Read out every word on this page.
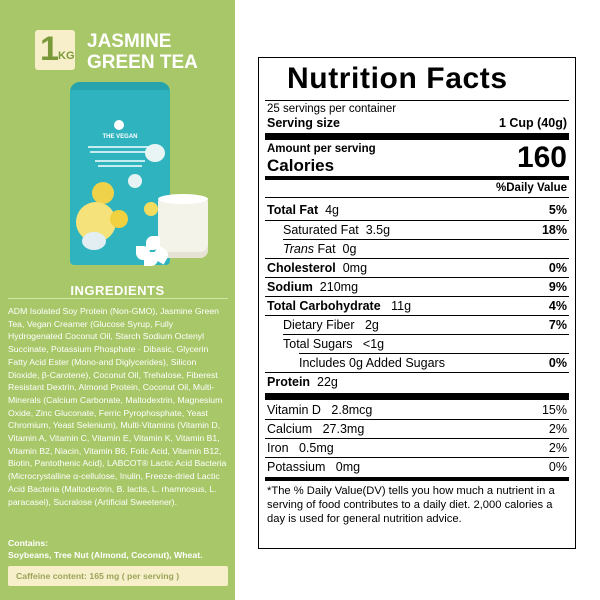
1 KG
JASMINE
GREEN TEA
THE VEGAN
INGREDIENTS
ADM Isolated Soy Protein (Non-GMO), Jasmine Green Tea, Vegan Creamer (Glucose Syrup, Fully Hydrogenated Coconut Oil, Starch Sodium Octenyl Succinate, Potassium Phosphate · Dibasic, Glycerin Fatty Acid Ester (Mono-and Diglycerides), Silicon Dioxide, β-Carotene), Coconut Oil, Trehalose, Fiberest Resistant Dextrin, Almond Protein, Coconut Oil, Multi-Minerals (Calcium Carbonate, Maltodextrin, Magnesium Oxide, Zinc Gluconate, Ferric Pyrophosphate, Yeast Chromium, Yeast Selenium), Multi-Vitamins (Vitamin D, Vitamin A, Vitamin C, Vitamin E, Vitamin K, Vitamin B1, Vitamin B2, Niacin, Vitamin B6, Folic Acid, Vitamin B12, Biotin, Pantothenic Acid), LABCOT® Lactic Acid Bacteria (Microcrystalline α-cellulose, Inulin, Freeze-dried Lactic Acid Bacteria (Maltodextrin, B. lactis, L. rhamnosus, L. paracasei), Sucralose (Artificial Sweetener).
Contains:
Soybeans, Tree Nut (Almond, Coconut), Wheat.
Caffeine content: 165 mg ( per serving )
Nutrition Facts
25 servings per container
Serving size	1 Cup (40g)
Amount per serving
Calories	160
%Daily Value
Total Fat 4g	5%
Saturated Fat 3.5g	18%
Trans Fat 0g
Cholesterol 0mg	0%
Sodium 210mg	9%
Total Carbohydrate 11g	4%
Dietary Fiber 2g	7%
Total Sugars <1g
Includes 0g Added Sugars	0%
Protein 22g
Vitamin D 2.8mcg	15%
Calcium 27.3mg	2%
Iron 0.5mg	2%
Potassium 0mg	0%
*The % Daily Value(DV) tells you how much a nutrient in a serving of food contributes to a daily diet. 2,000 calories a day is used for general nutrition advice.
